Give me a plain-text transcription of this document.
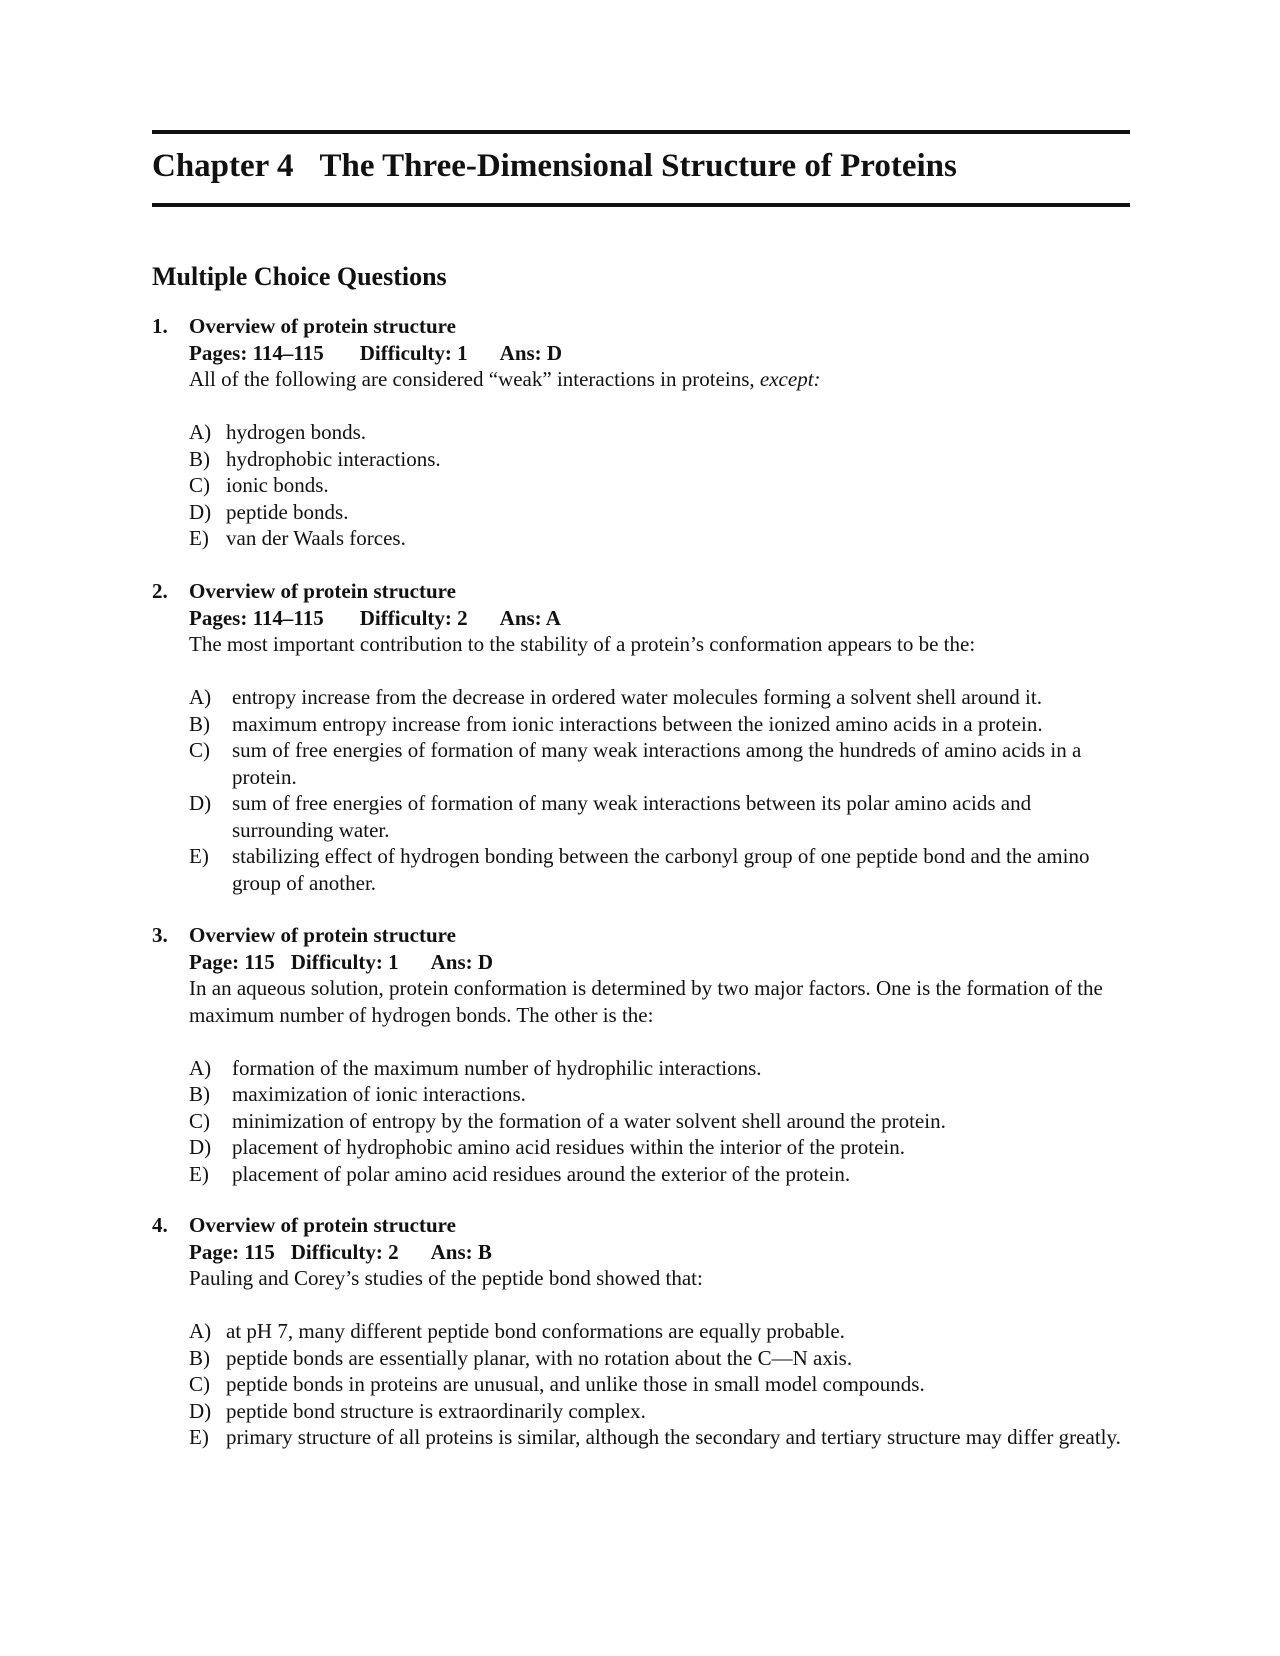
Chapter 4 The Three-Dimensional Structure of Proteins
Multiple Choice Questions
1.	Overview of protein structure
Pages: 114–115 Difficulty: 1 Ans: D
All of the following are considered “weak” interactions in proteins, except:
A) hydrogen bonds.
B) hydrophobic interactions.
C) ionic bonds.
D) peptide bonds.
E) van der Waals forces.
2.	Overview of protein structure
Pages: 114–115 Difficulty: 2 Ans: A
The most important contribution to the stability of a protein’s conformation appears to be the:
A) entropy increase from the decrease in ordered water molecules forming a solvent shell around it.
B)	maximum entropy increase from ionic interactions between the ionized amino acids in a protein.
C)	sum of free energies of formation of many weak interactions among the hundreds of amino acids in a protein.
D) sum of free energies of formation of many weak interactions between its polar amino acids and surrounding water.
E)	stabilizing effect of hydrogen bonding between the carbonyl group of one peptide bond and the amino group of another.
3.	Overview of protein structure
Page: 115 Difficulty: 1 Ans: D
In an aqueous solution, protein conformation is determined by two major factors. One is the formation of the maximum number of hydrogen bonds. The other is the:
A) formation of the maximum number of hydrophilic interactions.
B)	maximization of ionic interactions.
C)	minimization of entropy by the formation of a water solvent shell around the protein.
D) placement of hydrophobic amino acid residues within the interior of the protein.
E)	placement of polar amino acid residues around the exterior of the protein.
4.	Overview of protein structure
Page: 115 Difficulty: 2 Ans: B
Pauling and Corey’s studies of the peptide bond showed that:
A) at pH 7, many different peptide bond conformations are equally probable.
B) peptide bonds are essentially planar, with no rotation about the C—N axis.
C) peptide bonds in proteins are unusual, and unlike those in small model compounds.
D) peptide bond structure is extraordinarily complex.
E) primary structure of all proteins is similar, although the secondary and tertiary structure may differ greatly.
